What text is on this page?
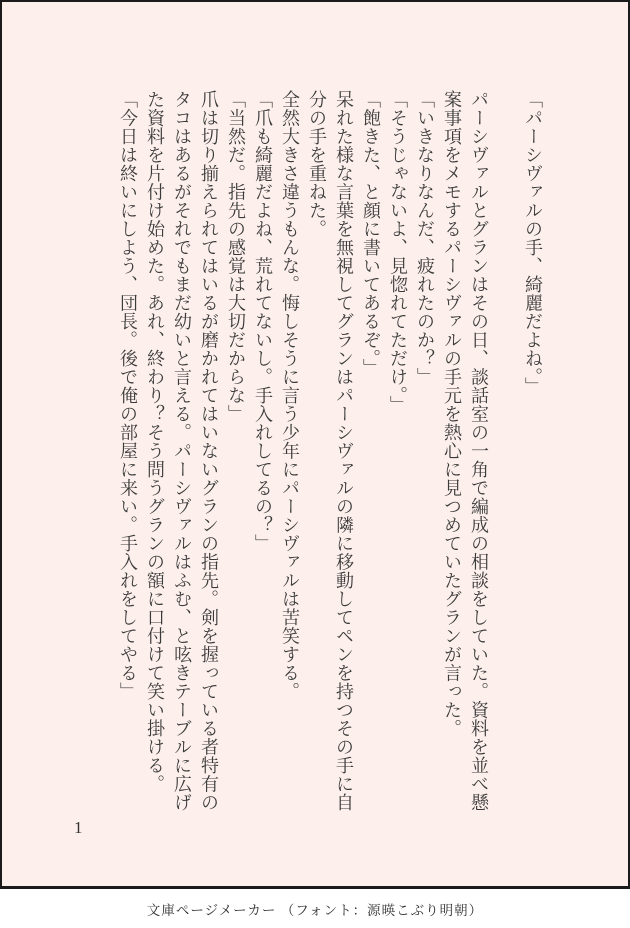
「パーシヴァルの手、綺麗だよね。」
パーシヴァルとグランはその日、談話室の一角で編成の相談をしていた。資料を並べ懸
案事項をメモするパーシヴァルの手元を熱心に見つめていたグランが言った。
「いきなりなんだ、疲れたのか？」
「そうじゃないよ、見惚れてただけ。」
「飽きた、と顔に書いてあるぞ。」
呆れた様な言葉を無視してグランはパーシヴァルの隣に移動してペンを持つその手に自
分の手を重ねた。
全然大きさ違うもんな。悔しそうに言う少年にパーシヴァルは苦笑する。
「爪も綺麗だよね、荒れてないし。手入れしてるの？」
「当然だ。指先の感覚は大切だからな」
爪は切り揃えられてはいるが磨かれてはいないグランの指先。剣を握っている者特有の
タコはあるがそれでもまだ幼いと言える。パーシヴァルはふむ、と呟きテーブルに広げ
た資料を片付け始めた。あれ、終わり？そう問うグランの額に口付けて笑い掛ける。
「今日は終いにしよう、団長。後で俺の部屋に来い。手入れをしてやる」
1
文庫ページメーカー （フォント：源暎こぶり明朝）
